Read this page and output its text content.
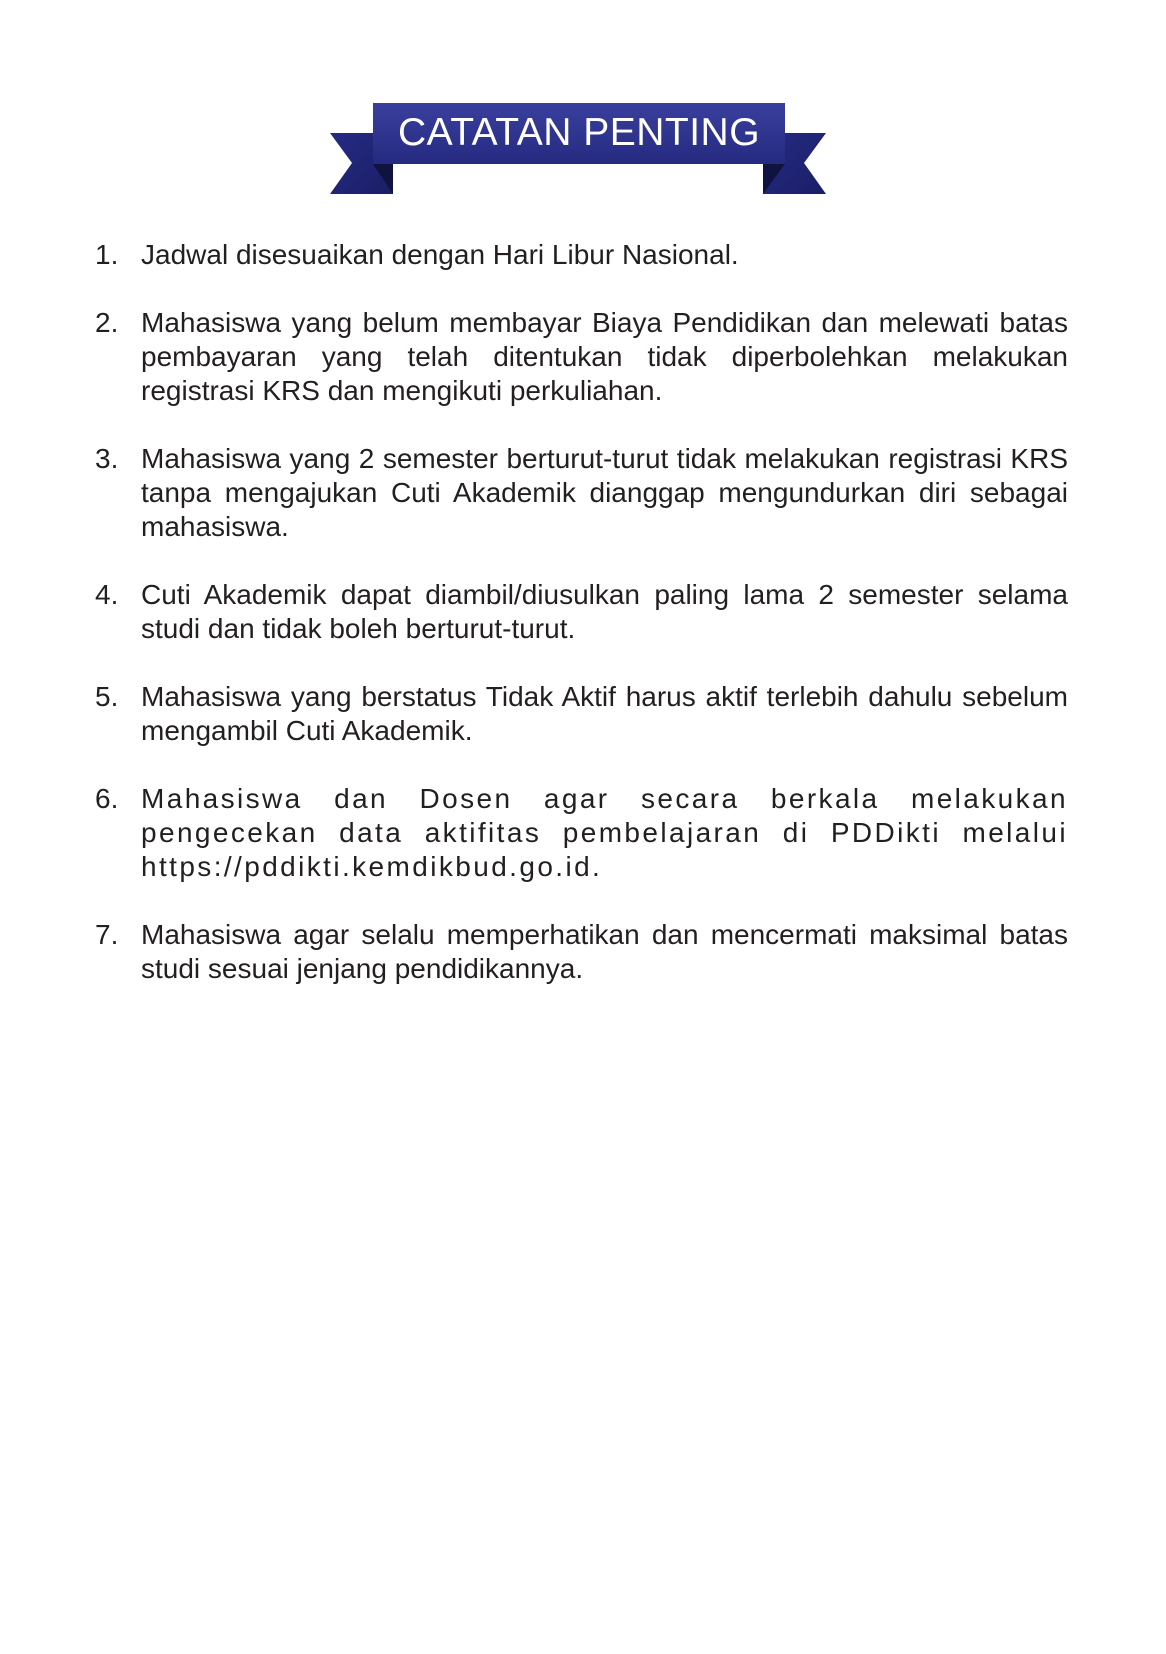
CATATAN PENTING
1. Jadwal disesuaikan dengan Hari Libur Nasional.
2. Mahasiswa yang belum membayar Biaya Pendidikan dan melewati batas pembayaran yang telah ditentukan tidak diperbolehkan melakukan registrasi KRS dan mengikuti perkuliahan.
3. Mahasiswa yang 2 semester berturut-turut tidak melakukan registrasi KRS tanpa mengajukan Cuti Akademik dianggap mengundurkan diri sebagai mahasiswa.
4. Cuti Akademik dapat diambil/diusulkan paling lama 2 semester selama studi dan tidak boleh berturut-turut.
5. Mahasiswa yang berstatus Tidak Aktif harus aktif terlebih dahulu sebelum mengambil Cuti Akademik.
6. Mahasiswa dan Dosen agar secara berkala melakukan pengecekan data aktifitas pembelajaran di PDDikti melalui https://pddikti.kemdikbud.go.id.
7. Mahasiswa agar selalu memperhatikan dan mencermati maksimal batas studi sesuai jenjang pendidikannya.
